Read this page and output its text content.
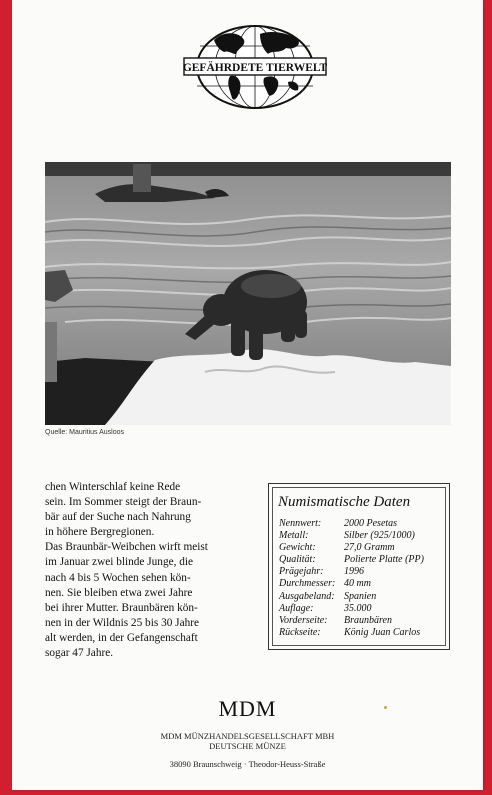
GEFÄHRDETE TIERWELT
Quelle: Mauritius Ausloos

chen Winterschlaf keine Rede

sein. Im Sommer steigt der Braun-

bär auf der Suche nach Nahrung

in höhere Bergregionen.

Das Braunbär-Weibchen wirft meist

im Januar zwei blinde Junge, die

nach 4 bis 5 Wochen sehen kön-

nen. Sie bleiben etwa zwei Jahre

bei ihrer Mutter. Braunbären kön-

nen in der Wildnis 25 bis 30 Jahre

alt werden, in der Gefangenschaft

sogar 47 Jahre.

Numismatische Daten
Nennwert: 2000 Pesetas
Metall:	Silber (925/1000)
Gewicht:	27,0 Gramm
Qualität:	Polierte Platte (PP)
Prägejahr: 1996
Durchmesser: 40 mm
Ausgabeland: Spanien
Auflage:	35.000
Vorderseite: Braunbären
Rückseite: König Juan Carlos
MDM
MDM MÜNZHANDELSGESELLSCHAFT MBH
DEUTSCHE MÜNZE
38090 Braunschweig · Theodor-Heuss-Straße
